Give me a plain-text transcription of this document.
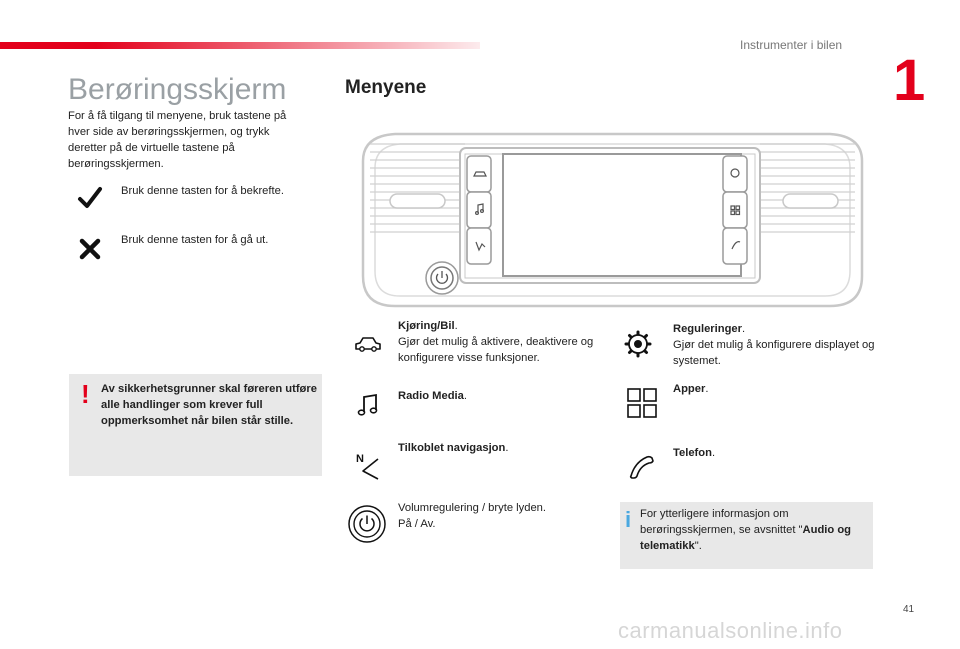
Instrumenter i bilen
1
Berøringsskjerm
For å få tilgang til menyene, bruk tastene på hver side av berøringsskjermen, og trykk deretter på de virtuelle tastene på berøringsskjermen.
Bruk denne tasten for å bekrefte.
Bruk denne tasten for å gå ut.
! Av sikkerhetsgrunner skal føreren utføre alle handlinger som krever full oppmerksomhet når bilen står stille.
Menyene
Kjøring/Bil.
Gjør det mulig å aktivere, deaktivere og konfigurere visse funksjoner.
Radio Media.
N
Tilkoblet navigasjon.
Volumregulering / bryte lyden.
På / Av.
Reguleringer.
Gjør det mulig å konfigurere displayet og systemet.
Apper.
Telefon.
i For ytterligere informasjon om berøringsskjermen, se avsnittet "Audio og telematikk".
41
carmanualsonline.info
